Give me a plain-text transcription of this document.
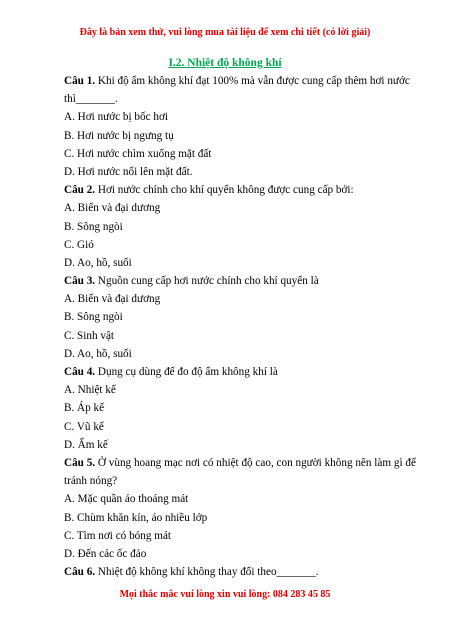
Đây là bản xem thử, vui lòng mua tài liệu để xem chi tiết (có lời giải)
I.2. Nhiệt độ không khí
Câu 1. Khi độ ẩm không khí đạt 100% mà vẫn được cung cấp thêm hơi nước
thì_______.
A. Hơi nước bị bốc hơi
B. Hơi nước bị ngưng tụ
C. Hơi nước chìm xuống mặt đất
D. Hơi nước nổi lên mặt đất.
Câu 2. Hơi nước chính cho khí quyển không được cung cấp bởi:
A. Biển và đại dương
B. Sông ngòi
C. Gió
D. Ao, hồ, suối
Câu 3. Nguồn cung cấp hơi nước chính cho khí quyển là
A. Biển và đại dương
B. Sông ngòi
C. Sinh vật
D. Ao, hồ, suối
Câu 4. Dụng cụ dùng để đo độ ẩm không khí là
A. Nhiệt kế
B. Áp kế
C. Vũ kế
D. Ẩm kế
Câu 5. Ở vùng hoang mạc nơi có nhiệt độ cao, con người không nên làm gì để
tránh nóng?
A. Mặc quần áo thoáng mát
B. Chùm khăn kín, áo nhiều lớp
C. Tìm nơi có bóng mát
D. Đến các ốc đảo
Câu 6. Nhiệt độ không khí không thay đổi theo_______.
Mọi thắc mắc vui lòng xin vui lòng: 084 283 45 85
